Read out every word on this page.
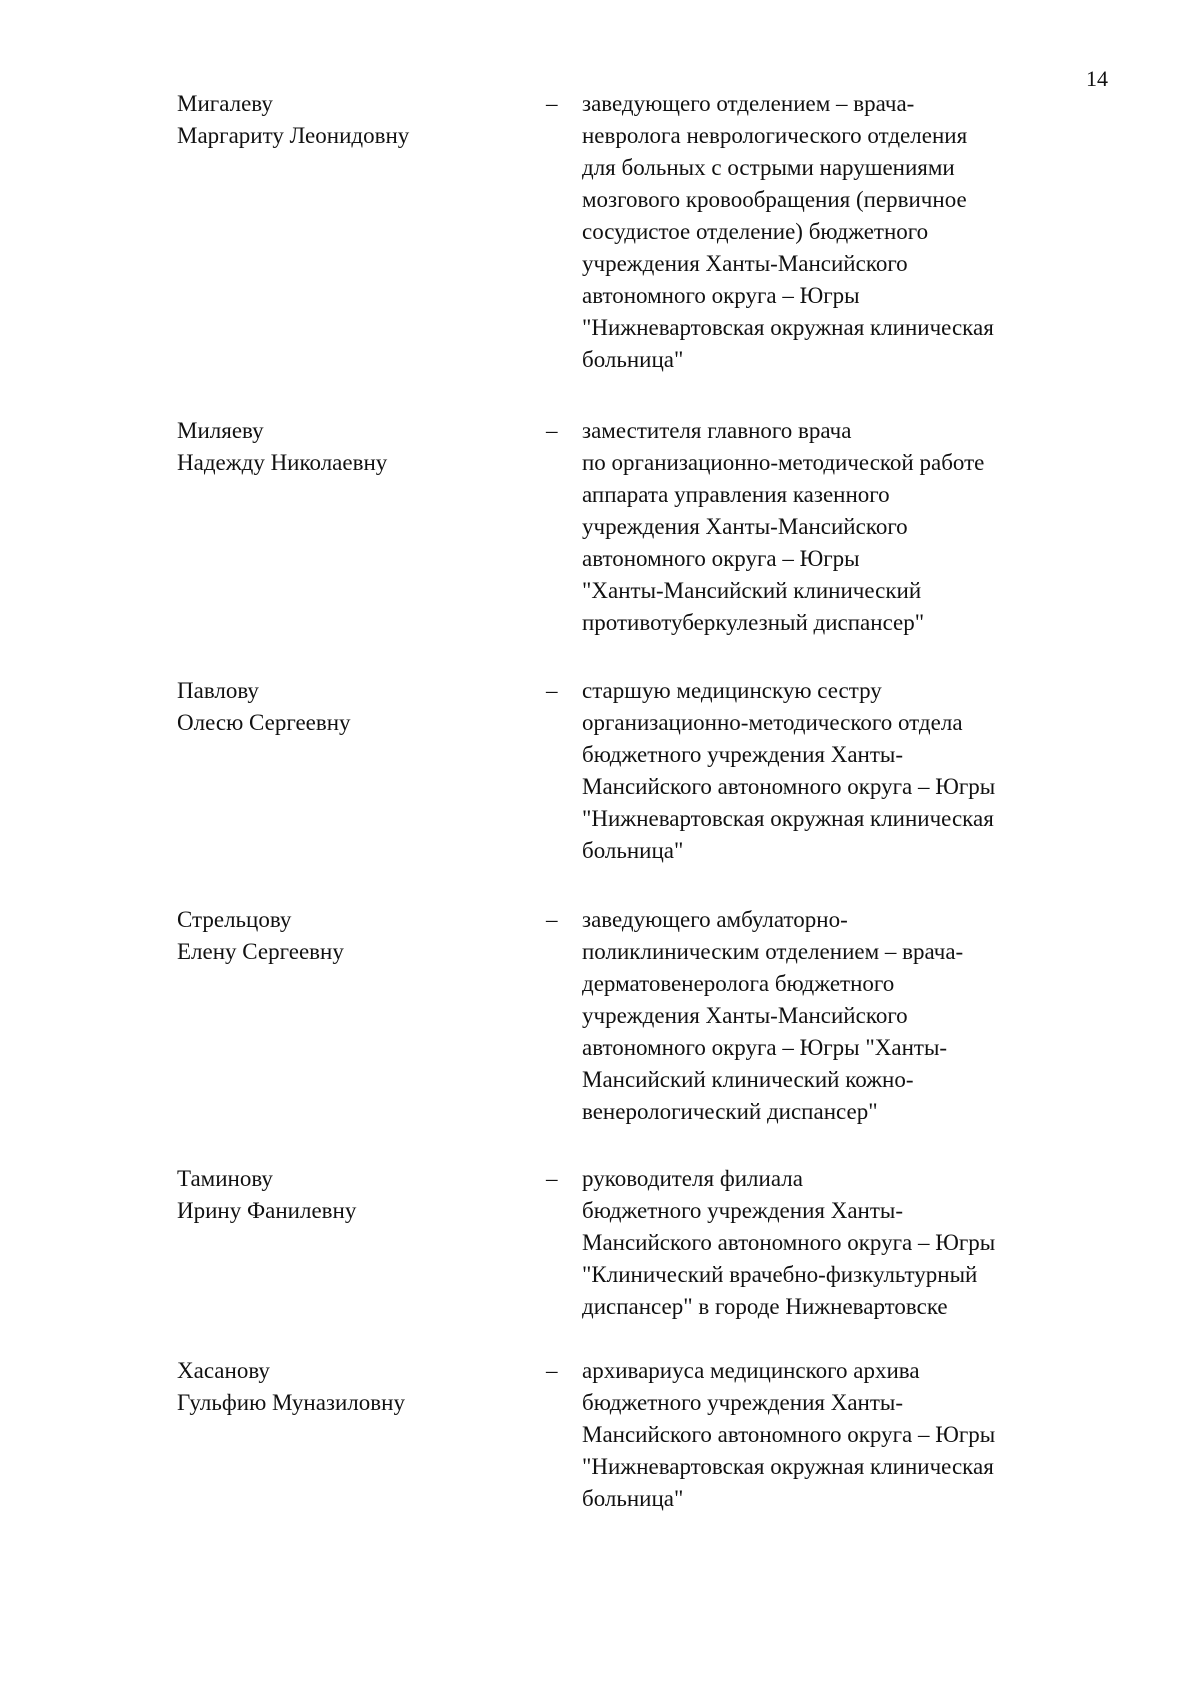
14
Мигалеву
Маргариту Леонидовну
– заведующего отделением – врача-
невролога неврологического отделения
для больных с острыми нарушениями
мозгового кровообращения (первичное
сосудистое отделение) бюджетного
учреждения Ханты-Мансийского
автономного округа – Югры
"Нижневартовская окружная клиническая
больница"
Миляеву
Надежду Николаевну
– заместителя главного врача
по организационно-методической работе
аппарата управления казенного
учреждения Ханты-Мансийского
автономного округа – Югры
"Ханты-Мансийский клинический
противотуберкулезный диспансер"
Павлову
Олесю Сергеевну
– старшую медицинскую сестру
организационно-методического отдела
бюджетного учреждения Ханты-
Мансийского автономного округа – Югры
"Нижневартовская окружная клиническая
больница"
Стрельцову
Елену Сергеевну
– заведующего амбулаторно-
поликлиническим отделением – врача-
дерматовенеролога бюджетного
учреждения Ханты-Мансийского
автономного округа – Югры "Ханты-
Мансийский клинический кожно-
венерологический диспансер"
Таминову
Ирину Фанилевну
– руководителя филиала
бюджетного учреждения Ханты-
Мансийского автономного округа – Югры
"Клинический врачебно-физкультурный
диспансер" в городе Нижневартовске
Хасанову
Гульфию Муназиловну
– архивариуса медицинского архива
бюджетного учреждения Ханты-
Мансийского автономного округа – Югры
"Нижневартовская окружная клиническая
больница"
